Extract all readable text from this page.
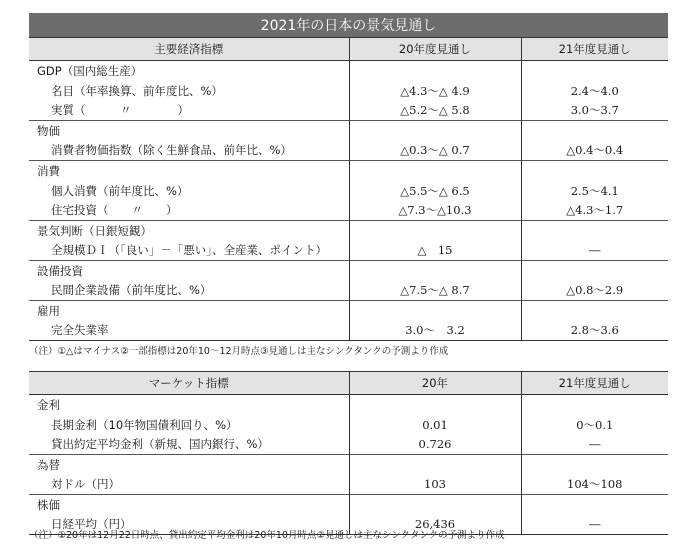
2021年の日本の景気見通し
主要経済指標	20年度見通し	21年度見通し
GDP（国内総生産）		
名目（年率換算、前年度比、%）	△4.3～△ 4.9	2.4～4.0
実質（　　　〃　　　　）	△5.2～△ 5.8	3.0～3.7
物価		
消費者物価指数（除く生鮮食品、前年比、%）	△0.3～△ 0.7	△0.4～0.4
消費		
個人消費（前年度比、%）	△5.5～△ 6.5	2.5～4.1
住宅投資（　　〃　　）	△7.3～△10.3	△4.3～1.7
景気判断（日銀短観）		
全規模ＤＩ（「良い」－「悪い」、全産業、ポイント）	△　15	―
設備投資		
民間企業設備（前年度比、%）	△7.5～△ 8.7	△0.8～2.9
雇用		
完全失業率	3.0～　3.2	2.8～3.6
（注）①△はマイナス②一部指標は20年10～12月時点③見通しは主なシンクタンクの予測より作成
マーケット指標	20年	21年度見通し
金利		
長期金利（10年物国債利回り、%）	0.01	0～0.1
貸出約定平均金利（新規、国内銀行、%）	0.726	―
為替		
対ドル（円）	103	104～108
株価		
日経平均（円）	26,436	―
（注）①20年は12月22日時点、貸出約定平均金利は20年10月時点②見通しは主なシンクタンクの予測より作成
